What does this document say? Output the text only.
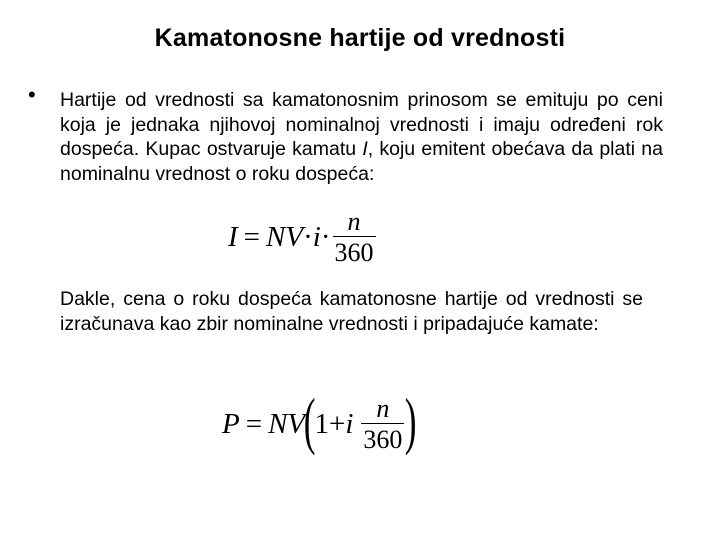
Kamatonosne hartije od vrednosti
• Hartije od vrednosti sa kamatonosnim prinosom se emituju po ceni koja je jednaka njihovoj nominalnoj vrednosti i imaju određeni rok dospeća. Kupac ostvaruje kamatu I, koju emitent obećava da plati na nominalnu vrednost o roku dospeća:
I = NV · $i \cdot \frac{n}{360}$
Dakle, cena o roku dospeća kamatonosne hartije od vrednosti se izračunava kao zbir nominalne vrednosti i pripadajuće kamate:
P = NV
(
1 + i $\frac{n}{360}$ )
